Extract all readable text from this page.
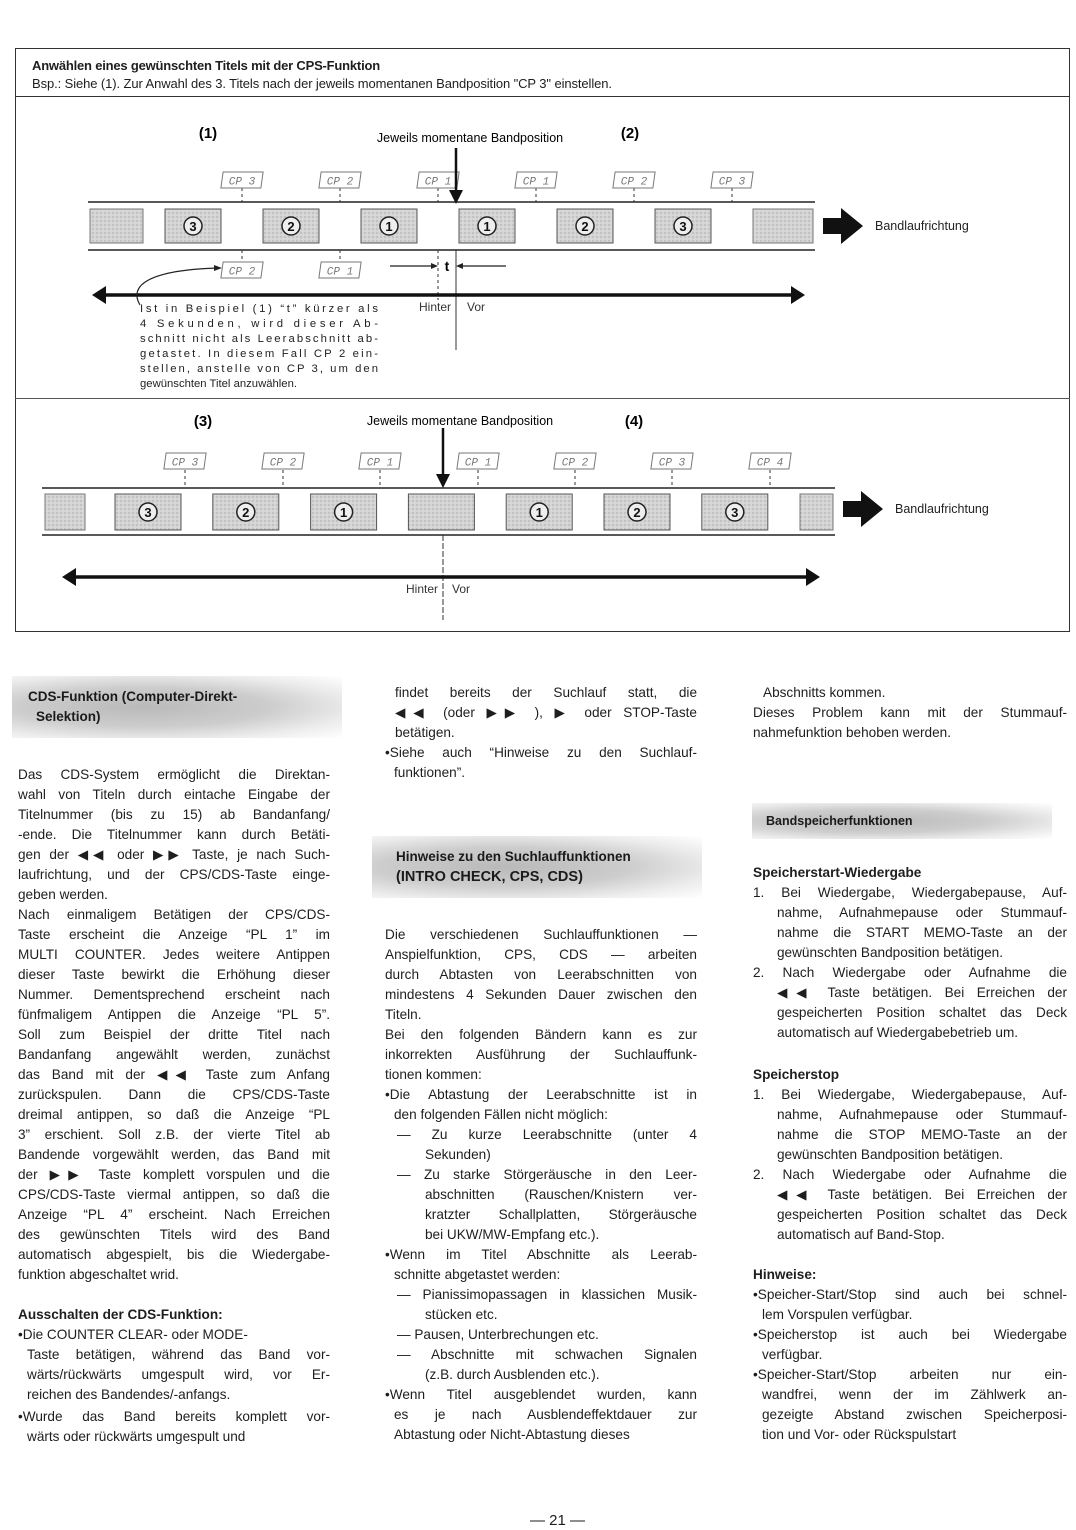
Anwählen eines gewünschten Titels mit der CPS-Funktion
Bsp.: Siehe (1). Zur Anwahl des 3. Titels nach der jeweils momentanen Bandposition "CP 3" einstellen.
(1)	Jeweils momentane Bandposition	(2)
3	2	1	1	2	3
CP 3	CP 2	CP 1	CP 1	CP 2	CP 3
CP 2	CP 1	t
Hinter Vor
Bandlaufrichtung
Ist in Beispiel (1) “t” kürzer als
4 Sekunden, wird dieser Ab-
schnitt nicht als Leerabschnitt ab-
getastet. In diesem Fall CP 2 ein-
stellen, anstelle von CP 3, um den
gewünschten Titel anzuwählen.
(3)	Jeweils momentane Bandposition	(4)
3	2	1	1	2	3
CP 3	CP 2	CP 1	CP 1	CP 2	CP 3	CP 4
Hinter Vor
Bandlaufrichtung
CDS-Funktion (Computer-Direkt-
Selektion)
Hinweise zu den Suchlauffunktionen
(INTRO CHECK, CPS, CDS)
Bandspeicherfunktionen
Das CDS-System ermöglicht die Direktan-
wahl von Titeln durch eintache Eingabe der
Titelnummer (bis zu 15) ab Bandanfang/
-ende. Die Titelnummer kann durch Betäti-
gen der ◀◀ oder ▶▶ Taste, je nach Such-
laufrichtung, und der CPS/CDS-Taste einge-
geben werden.
Nach einmaligem Betätigen der CPS/CDS-
Taste erscheint die Anzeige “PL 1” im
MULTI COUNTER. Jedes weitere Antippen
dieser Taste bewirkt die Erhöhung dieser
Nummer. Dementsprechend erscheint nach
fünfmaligem Antippen die Anzeige “PL 5”.
Soll zum Beispiel der dritte Titel nach
Bandanfang angewählt werden, zunächst
das Band mit der ◀◀ Taste zum Anfang
zurückspulen. Dann die CPS/CDS-Taste
dreimal antippen, so daß die Anzeige “PL
3” erschient. Soll z.B. der vierte Titel ab
Bandende vorgewählt werden, das Band mit
der ▶▶ Taste komplett vorspulen und die
CPS/CDS-Taste viermal antippen, so daß die
Anzeige “PL 4” erscheint. Nach Erreichen
des gewünschten Titels wird des Band
automatisch abgespielt, bis die Wiedergabe-
funktion abgeschaltet wrid.
Ausschalten der CDS-Funktion:
•Die COUNTER CLEAR- oder MODE-
Taste betätigen, während das Band vor-
wärts/rückwärts umgespult wird, vor Er-
reichen des Bandendes/-anfangs.
•Wurde das Band bereits komplett vor-
wärts oder rückwärts umgespult und
findet bereits der Suchlauf statt, die
◀◀ (oder ▶▶ ), ▶ oder STOP-Taste
betätigen.
•Siehe auch “Hinweise zu den Suchlauf-
funktionen”.
Die verschiedenen Suchlauffunktionen —
Anspielfunktion, CPS, CDS — arbeiten
durch Abtasten von Leerabschnitten von
mindestens 4 Sekunden Dauer zwischen den
Titeln.
Bei den folgenden Bändern kann es zur
inkorrekten Ausführung der Suchlauffunk-
tionen kommen:
•Die Abtastung der Leerabschnitte ist in
den folgenden Fällen nicht möglich:
— Zu kurze Leerabschnitte (unter 4
Sekunden)
— Zu starke Störgeräusche in den Leer-
abschnitten (Rauschen/Knistern ver-
kratzter Schallplatten, Störgeräusche
bei UKW/MW-Empfang etc.).
•Wenn im Titel Abschnitte als Leerab-
schnitte abgetastet werden:
— Pianissimopassagen in klassichen Musik-
stücken etc.
— Pausen, Unterbrechungen etc.
— Abschnitte mit schwachen Signalen
(z.B. durch Ausblenden etc.).
•Wenn Titel ausgeblendet wurden, kann
es je nach Ausblendeffektdauer zur
Abtastung oder Nicht-Abtastung dieses
Abschnitts kommen.
Dieses Problem kann mit der Stummauf-
nahmefunktion behoben werden.
Speicherstart-Wiedergabe
1. Bei Wiedergabe, Wiedergabepause, Auf-
nahme, Aufnahmepause oder Stummauf-
nahme die START MEMO-Taste an der
gewünschten Bandposition betätigen.
2. Nach Wiedergabe oder Aufnahme die
◀◀ Taste betätigen. Bei Erreichen der
gespeicherten Position schaltet das Deck
automatisch auf Wiedergabebetrieb um.
Speicherstop
1. Bei Wiedergabe, Wiedergabepause, Auf-
nahme, Aufnahmepause oder Stummauf-
nahme die STOP MEMO-Taste an der
gewünschten Bandposition betätigen.
2. Nach Wiedergabe oder Aufnahme die
◀◀ Taste betätigen. Bei Erreichen der
gespeicherten Position schaltet das Deck
automatisch auf Band-Stop.
Hinweise:
•Speicher-Start/Stop sind auch bei schnel-
lem Vorspulen verfügbar.
•Speicherstop ist auch bei Wiedergabe
verfügbar.
•Speicher-Start/Stop arbeiten nur ein-
wandfrei, wenn der im Zählwerk an-
gezeigte Abstand zwischen Speicherposi-
tion und Vor- oder Rückspulstart
— 21 —
